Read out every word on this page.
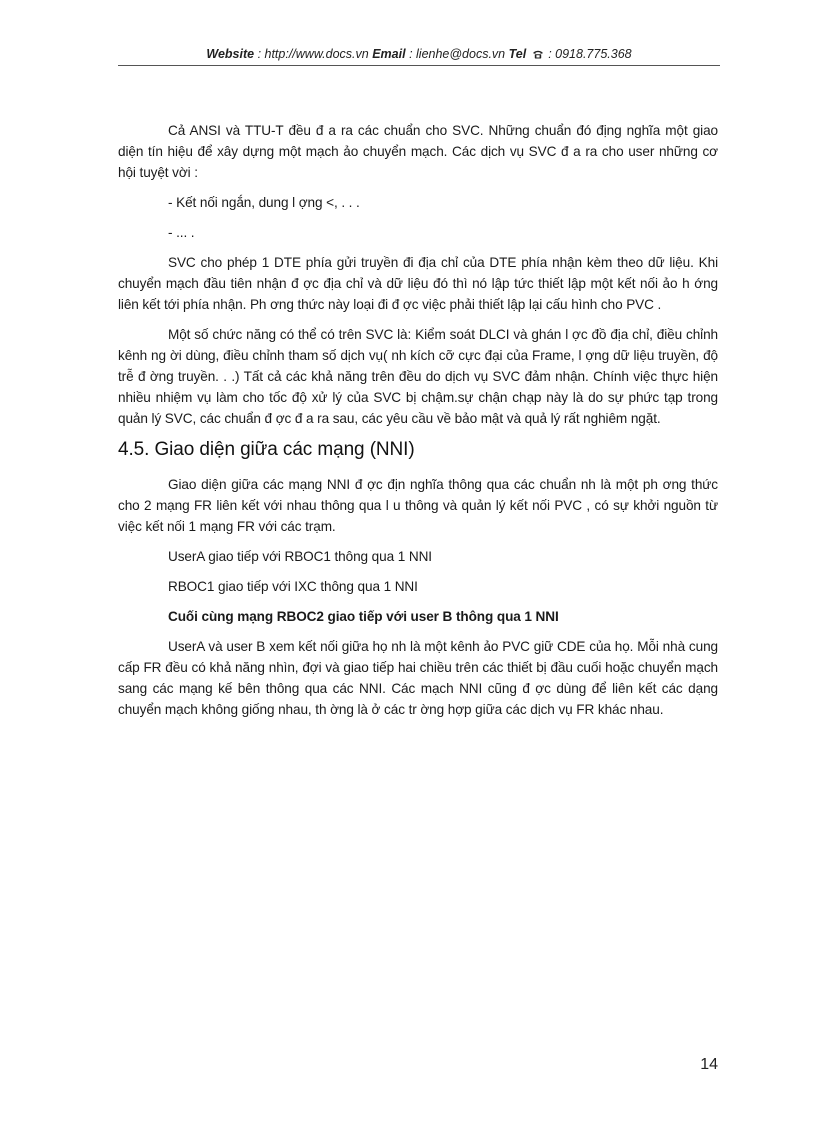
Website : http://www.docs.vn Email : lienhe@docs.vn Tel : 0918.775.368

Cả ANSI và TTU-T đều đ a ra các chuẩn cho SVC. Những chuẩn đó địng nghĩa một giao diện tín hiệu để xây dựng một mạch ảo chuyển mạch. Các dịch vụ SVC đ a ra cho user những cơ hội tuyệt vời :

- Kết nối ngắn, dung l ợng <, . . .

- ... .

SVC cho phép 1 DTE phía gửi truyền đi địa chỉ của DTE phía nhận kèm theo dữ liệu. Khi chuyển mạch đầu tiên nhận đ ợc địa chỉ và dữ liệu đó thì nó lập tức thiết lập một kết nối ảo h ớng liên kết tới phía nhận. Ph ơng thức này loại đi đ ợc việc phải thiết lập lại cấu hình cho PVC .

Một số chức năng có thể có trên SVC là: Kiểm soát DLCI và ghán l ợc đồ địa chỉ, điều chỉnh kênh ng ời dùng, điều chỉnh tham số dịch vụ( nh kích cỡ cực đại của Frame, l ợng dữ liệu truyền, độ trễ đ ờng truyền. . .) Tất cả các khả năng trên đều do dịch vụ SVC đảm nhận. Chính việc thực hiện nhiều nhiệm vụ làm cho tốc độ xử lý của SVC bị chậm.sự chận chạp này là do sự phức tạp trong quản lý SVC, các chuẩn đ ợc đ a ra sau, các yêu cầu về bảo mật và quả lý rất nghiêm ngặt.

4.5. Giao diện giữa các mạng (NNI)

Giao diện giữa các mạng NNI đ ợc địn nghĩa thông qua các chuẩn nh là một ph ơng thức cho 2 mạng FR liên kết với nhau thông qua l u thông và quản lý kết nối PVC , có sự khởi nguồn từ việc kết nối 1 mạng FR với các trạm.

UserA giao tiếp với RBOC1 thông qua 1 NNI

RBOC1 giao tiếp với IXC thông qua 1 NNI

Cuối cùng mạng RBOC2 giao tiếp với user B thông qua 1 NNI

UserA và user B xem kết nối giữa họ nh là một kênh ảo PVC giữ CDE của họ. Mỗi nhà cung cấp FR đều có khả năng nhìn, đợi và giao tiếp hai chiều trên các thiết bị đầu cuối hoặc chuyển mạch sang các mạng kế bên thông qua các NNI. Các mạch NNI cũng đ ợc dùng để liên kết các dạng chuyển mạch không giống nhau, th ờng là ở các tr ờng hợp giữa các dịch vụ FR khác nhau.

14
